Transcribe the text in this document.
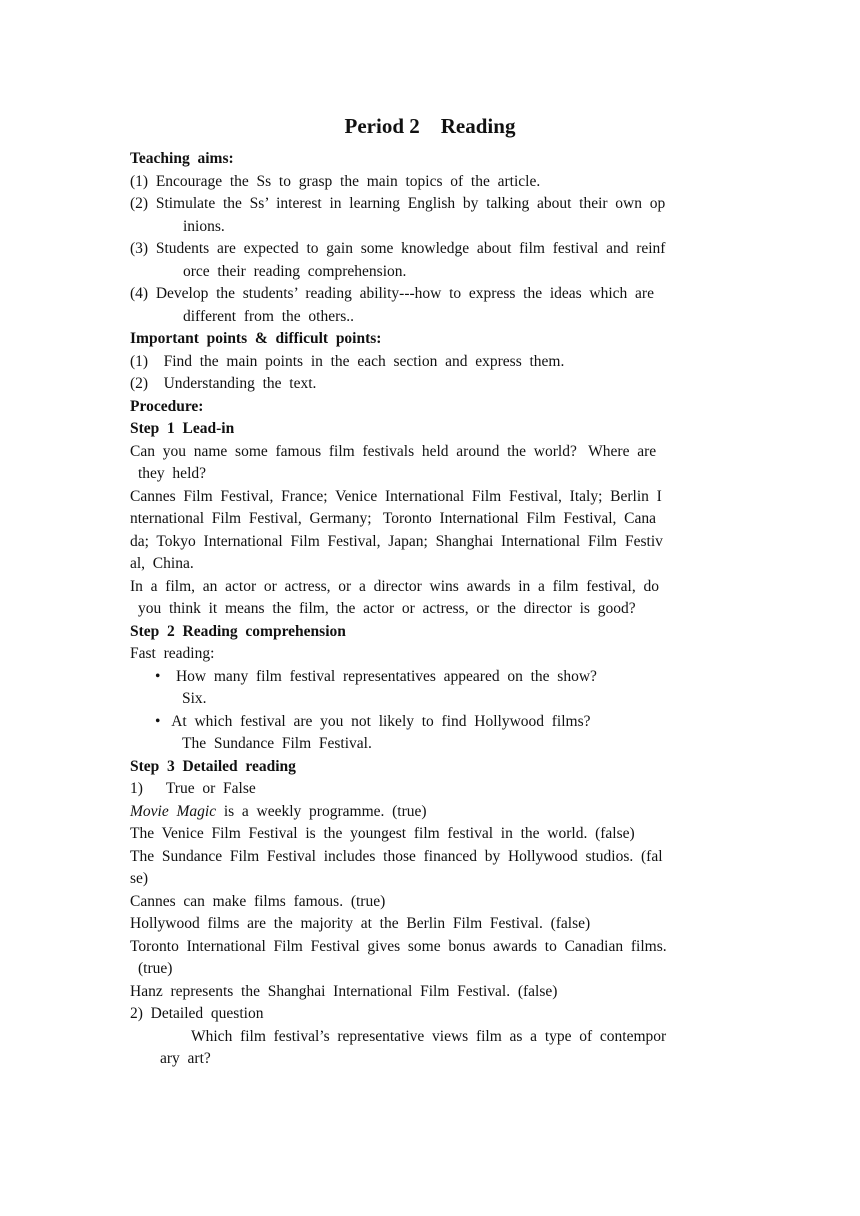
Period 2    Reading

Teaching  aims:

(1)  Encourage  the  Ss  to  grasp  the  main  topics  of  the  article.

(2)  Stimulate  the  Ss’  interest  in  learning  English  by  talking  about  their  own  op

inions.

(3)  Students  are  expected  to  gain  some  knowledge  about  film  festival  and  reinf

orce  their  reading  comprehension.

(4)  Develop  the  students’  reading  ability---how  to  express  the  ideas  which  are

different  from  the  others..

Important  points  &  difficult  points:

(1)    Find  the  main  points  in  the  each  section  and  express  them.

(2)    Understanding  the  text.

Procedure:

Step  1  Lead-in

Can  you  name  some  famous  film  festivals  held  around  the  world?   Where  are

they  held?

Cannes  Film  Festival,  France;  Venice  International  Film  Festival,  Italy;  Berlin  I

nternational  Film  Festival,  Germany;   Toronto  International  Film  Festival,  Cana

da;  Tokyo  International  Film  Festival,  Japan;  Shanghai  International  Film  Festiv

al,  China.

In  a  film,  an  actor  or  actress,  or  a  director  wins  awards  in  a  film  festival,  do

you  think  it  means  the  film,  the  actor  or  actress,  or  the  director  is  good?

Step  2  Reading  comprehension

Fast  reading:

• How  many  film  festival  representatives  appeared  on  the  show?

Six.

• At  which  festival  are  you  not  likely  to  find  Hollywood  films?

The  Sundance  Film  Festival.

Step  3  Detailed  reading

1)      True  or  False

Movie  Magic  is  a  weekly  programme.  (true)

The  Venice  Film  Festival  is  the  youngest  film  festival  in  the  world.  (false)

The  Sundance  Film  Festival  includes  those  financed  by  Hollywood  studios.  (fal

se)

Cannes  can  make  films  famous.  (true)

Hollywood  films  are  the  majority  at  the  Berlin  Film  Festival.  (false)

Toronto  International  Film  Festival  gives  some  bonus  awards  to  Canadian  films.

(true)

Hanz  represents  the  Shanghai  International  Film  Festival.  (false)

2)  Detailed  question

Which  film  festival’s  representative  views  film  as  a  type  of  contempor

ary  art?
